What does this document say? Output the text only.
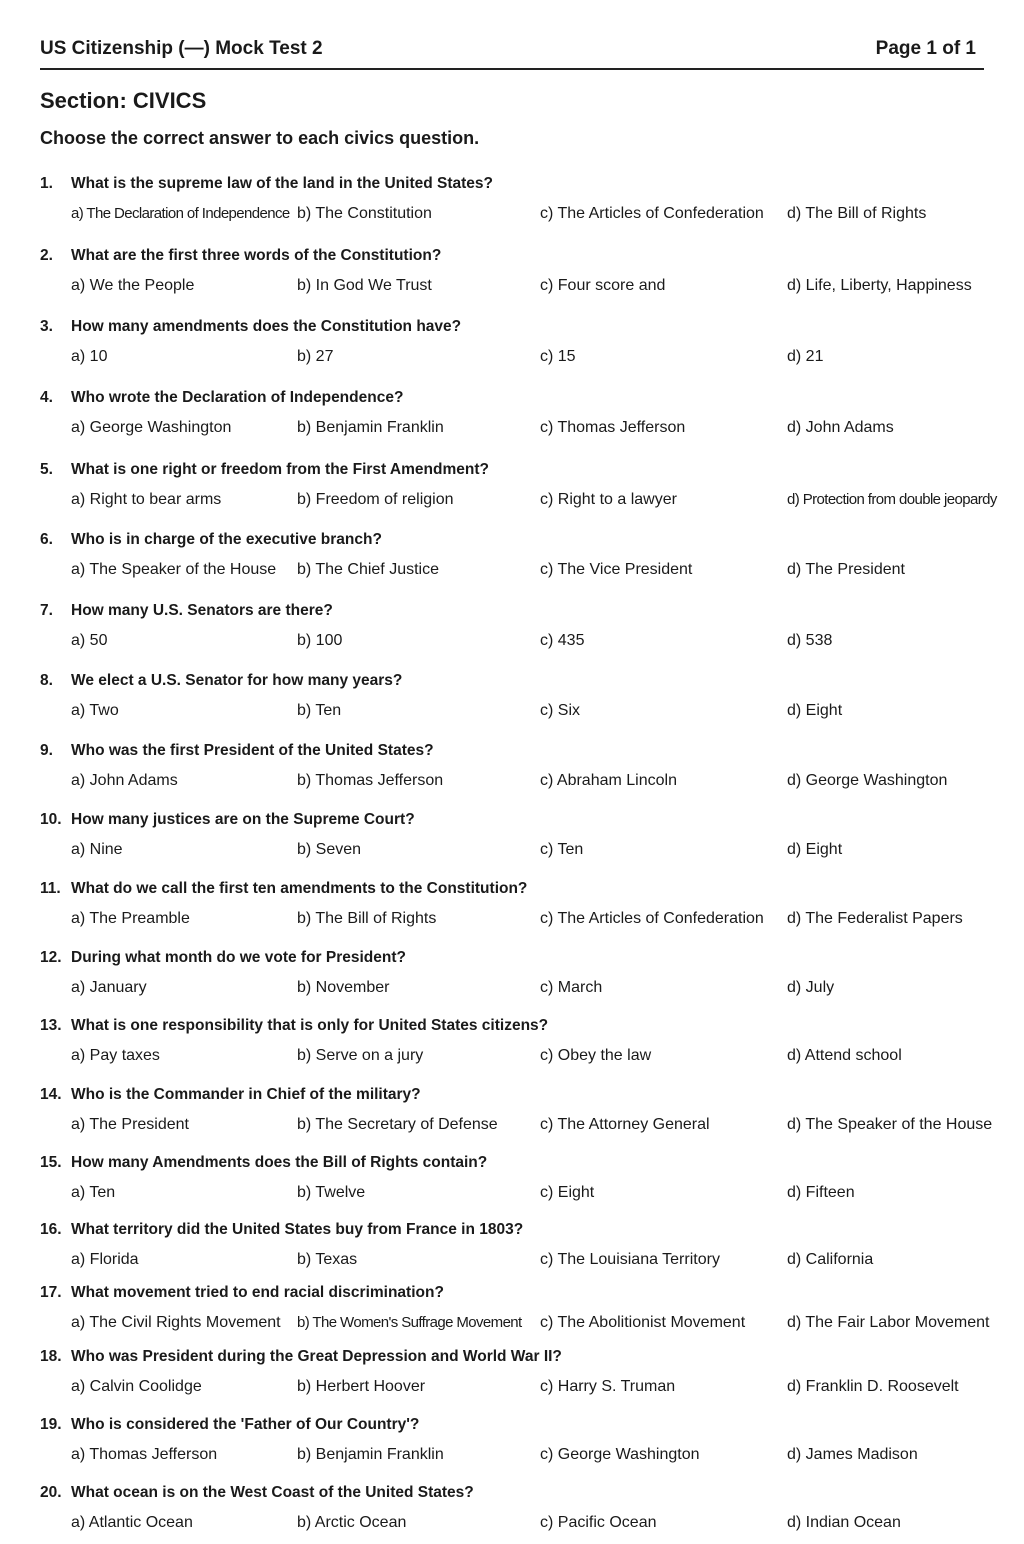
US Citizenship (—) Mock Test 2	Page 1 of 1
Section: CIVICS
Choose the correct answer to each civics question.
1. What is the supreme law of the land in the United States?
a) The Declaration of Independence b) The Constitution	c) The Articles of Confederation d) The Bill of Rights
2. What are the first three words of the Constitution?
a) We the People	b) In God We Trust	c) Four score and	d) Life, Liberty, Happiness
3. How many amendments does the Constitution have?
a) 10	b) 27	c) 15	d) 21
4. Who wrote the Declaration of Independence?
a) George Washington	b) Benjamin Franklin	c) Thomas Jefferson	d) John Adams
5. What is one right or freedom from the First Amendment?
a) Right to bear arms	b) Freedom of religion	c) Right to a lawyer	d) Protection from double jeopardy
6. Who is in charge of the executive branch?
a) The Speaker of the House b) The Chief Justice	c) The Vice President	d) The President
7. How many U.S. Senators are there?
a) 50	b) 100	c) 435	d) 538
8. We elect a U.S. Senator for how many years?
a) Two	b) Ten	c) Six	d) Eight
9. Who was the first President of the United States?
a) John Adams	b) Thomas Jefferson	c) Abraham Lincoln	d) George Washington
10. How many justices are on the Supreme Court?
a) Nine	b) Seven	c) Ten	d) Eight
11. What do we call the first ten amendments to the Constitution?
a) The Preamble	b) The Bill of Rights	c) The Articles of Confederation d) The Federalist Papers
12. During what month do we vote for President?
a) January	b) November	c) March	d) July
13. What is one responsibility that is only for United States citizens?
a) Pay taxes	b) Serve on a jury	c) Obey the law	d) Attend school
14. Who is the Commander in Chief of the military?
a) The President	b) The Secretary of Defense	c) The Attorney General	d) The Speaker of the House
15. How many Amendments does the Bill of Rights contain?
a) Ten	b) Twelve	c) Eight	d) Fifteen
16. What territory did the United States buy from France in 1803?
a) Florida	b) Texas	c) The Louisiana Territory	d) California
17. What movement tried to end racial discrimination?
a) The Civil Rights Movement b) The Women's Suffrage Movement c) The Abolitionist Movement	d) The Fair Labor Movement
18. Who was President during the Great Depression and World War II?
a) Calvin Coolidge	b) Herbert Hoover	c) Harry S. Truman	d) Franklin D. Roosevelt
19. Who is considered the 'Father of Our Country'?
a) Thomas Jefferson	b) Benjamin Franklin	c) George Washington	d) James Madison
20. What ocean is on the West Coast of the United States?
a) Atlantic Ocean	b) Arctic Ocean	c) Pacific Ocean	d) Indian Ocean
